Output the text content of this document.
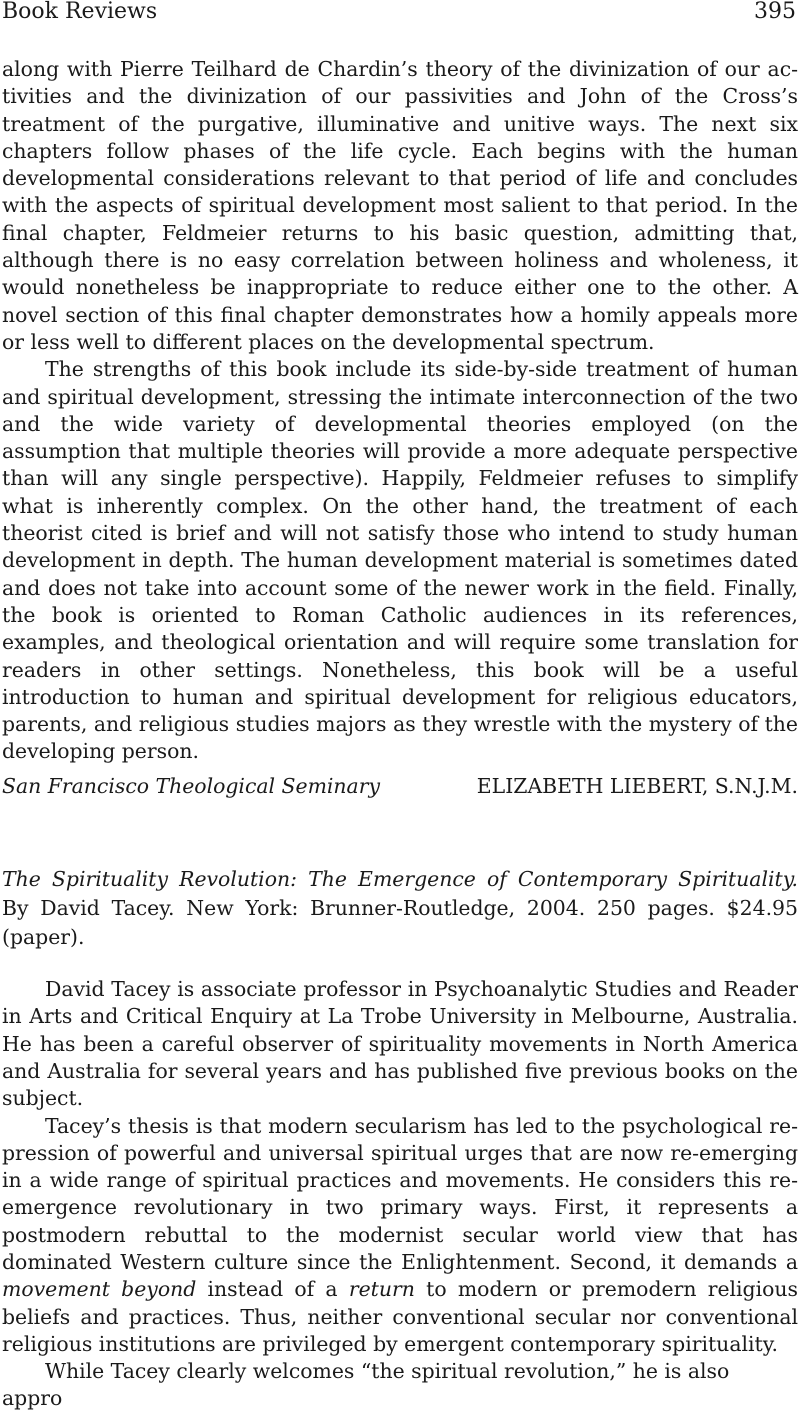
Book Reviews	395

along with Pierre Teilhard de Chardin’s theory of the divinization of our activities and the divinization of our passivities and John of the Cross’s treatment of the purgative, illuminative and unitive ways. The next six chapters follow phases of the life cycle. Each begins with the human developmental considerations relevant to that period of life and concludes with the aspects of spiritual development most salient to that period. In the final chapter, Feldmeier returns to his basic question, admitting that, although there is no easy correlation between holiness and wholeness, it would nonetheless be inappropriate to reduce either one to the other. A novel section of this final chapter demonstrates how a homily appeals more or less well to different places on the developmental spectrum.

The strengths of this book include its side-by-side treatment of human and spiritual development, stressing the intimate interconnection of the two and the wide variety of developmental theories employed (on the assumption that multiple theories will provide a more adequate perspective than will any single perspective). Happily, Feldmeier refuses to simplify what is inherently complex. On the other hand, the treatment of each theorist cited is brief and will not satisfy those who intend to study human development in depth. The human development material is sometimes dated and does not take into account some of the newer work in the field. Finally, the book is oriented to Roman Catholic audiences in its references, examples, and theological orientation and will require some translation for readers in other settings. Nonetheless, this book will be a useful introduction to human and spiritual development for religious educators, parents, and religious studies majors as they wrestle with the mystery of the developing person.

San Francisco Theological Seminary	ELIZABETH LIEBERT, S.N.J.M.

The Spirituality Revolution: The Emergence of Contemporary Spirituality. By David Tacey. New York: Brunner-Routledge, 2004. 250 pages. $24.95 (paper).

David Tacey is associate professor in Psychoanalytic Studies and Reader in Arts and Critical Enquiry at La Trobe University in Melbourne, Australia. He has been a careful observer of spirituality movements in North America and Australia for several years and has published five previous books on the subject.

Tacey’s thesis is that modern secularism has led to the psychological repression of powerful and universal spiritual urges that are now re-emerging in a wide range of spiritual practices and movements. He considers this reemergence revolutionary in two primary ways. First, it represents a postmodern rebuttal to the modernist secular world view that has dominated Western culture since the Enlightenment. Second, it demands a movement beyond instead of a return to modern or premodern religious beliefs and practices. Thus, neither conventional secular nor conventional religious institutions are privileged by emergent contemporary spirituality.

While Tacey clearly welcomes “the spiritual revolution,” he is also appro
